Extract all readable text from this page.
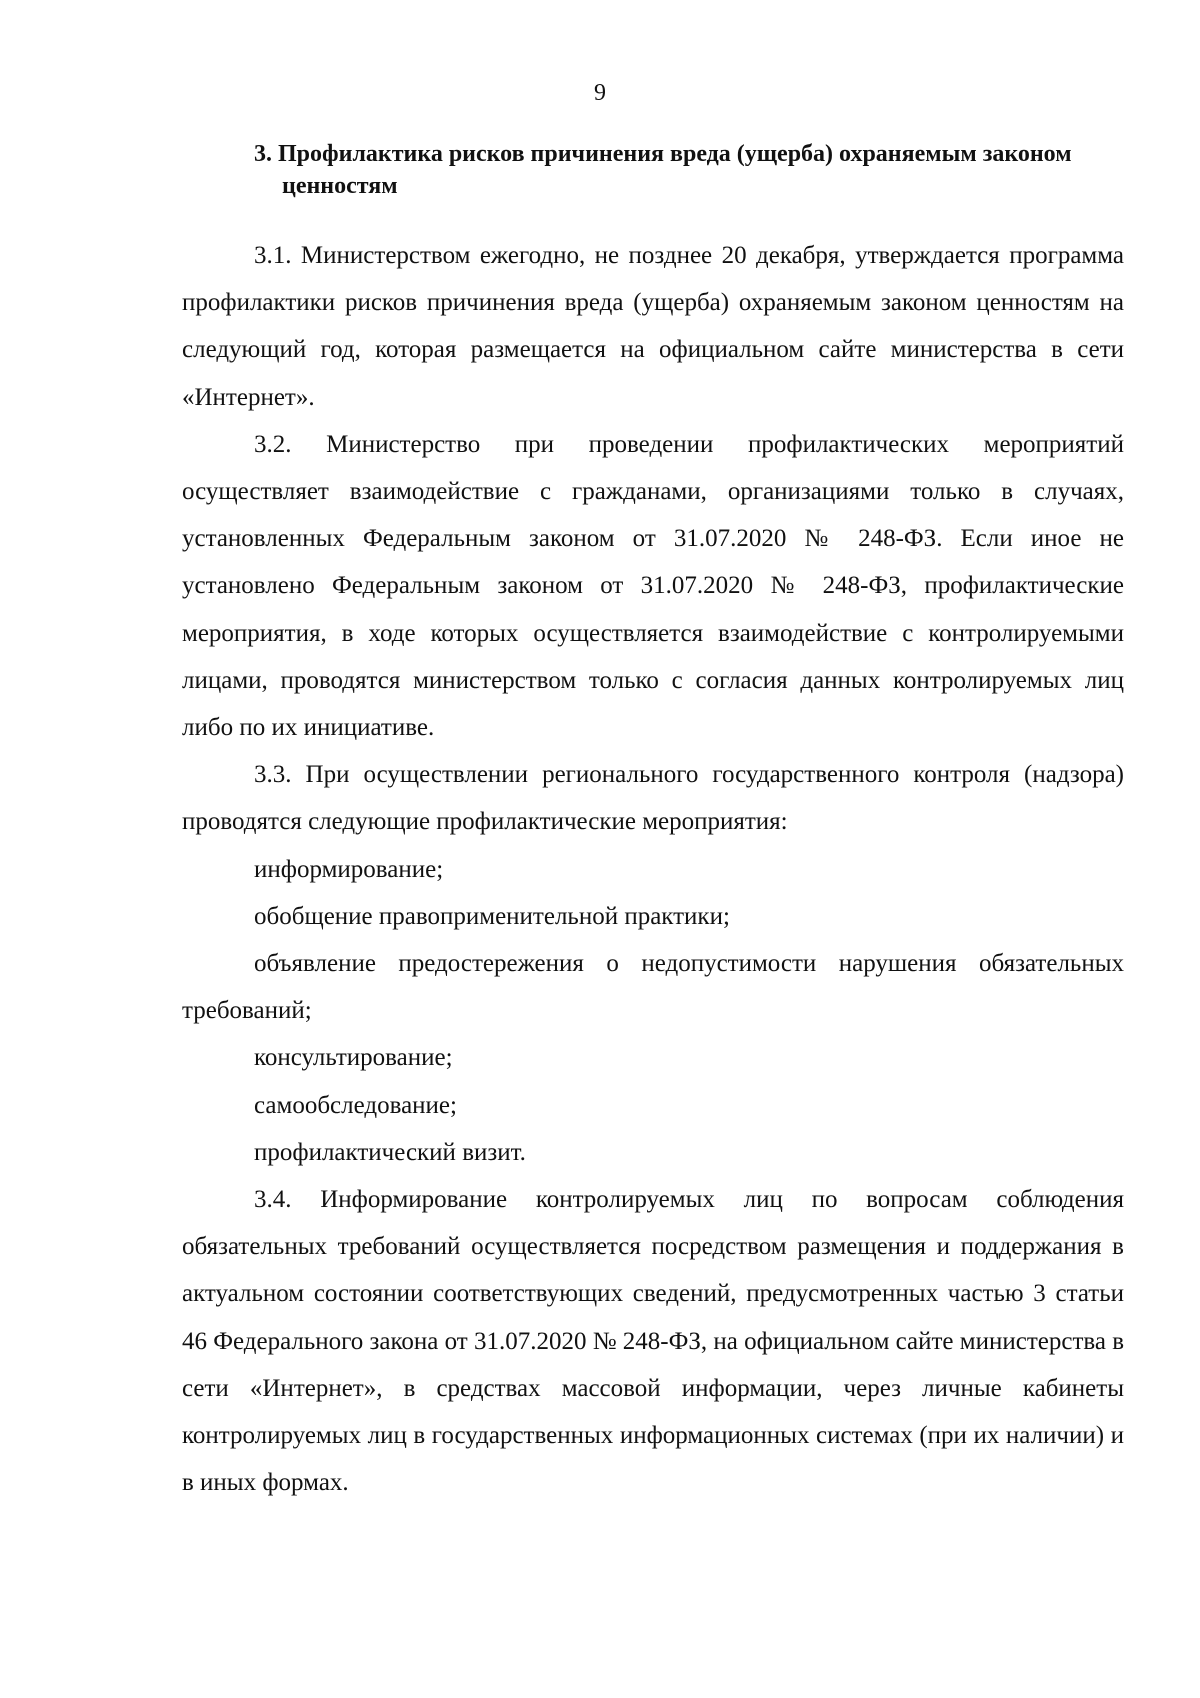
9
3. Профилактика рисков причинения вреда (ущерба) охраняемым законом ценностям

3.1. Министерством ежегодно, не позднее 20 декабря, утверждается программа профилактики рисков причинения вреда (ущерба) охраняемым законом ценностям на следующий год, которая размещается на официальном сайте министерства в сети «Интернет».

3.2. Министерство при проведении профилактических мероприятий осуществляет взаимодействие с гражданами, организациями только в случаях, установленных Федеральным законом от 31.07.2020 № 248-ФЗ. Если иное не установлено Федеральным законом от 31.07.2020 № 248-ФЗ, профилактические мероприятия, в ходе которых осуществляется взаимодействие с контролируемыми лицами, проводятся министерством только с согласия данных контролируемых лиц либо по их инициативе.

3.3. При осуществлении регионального государственного контроля (надзора) проводятся следующие профилактические мероприятия:

информирование;

обобщение правоприменительной практики;

объявление предостережения о недопустимости нарушения обязательных требований;

консультирование;

самообследование;

профилактический визит.

3.4. Информирование контролируемых лиц по вопросам соблюдения обязательных требований осуществляется посредством размещения и поддержания в актуальном состоянии соответствующих сведений, предусмотренных частью 3 статьи 46 Федерального закона от 31.07.2020 № 248-ФЗ, на официальном сайте министерства в сети «Интернет», в средствах массовой информации, через личные кабинеты контролируемых лиц в государственных информационных системах (при их наличии) и в иных формах.
